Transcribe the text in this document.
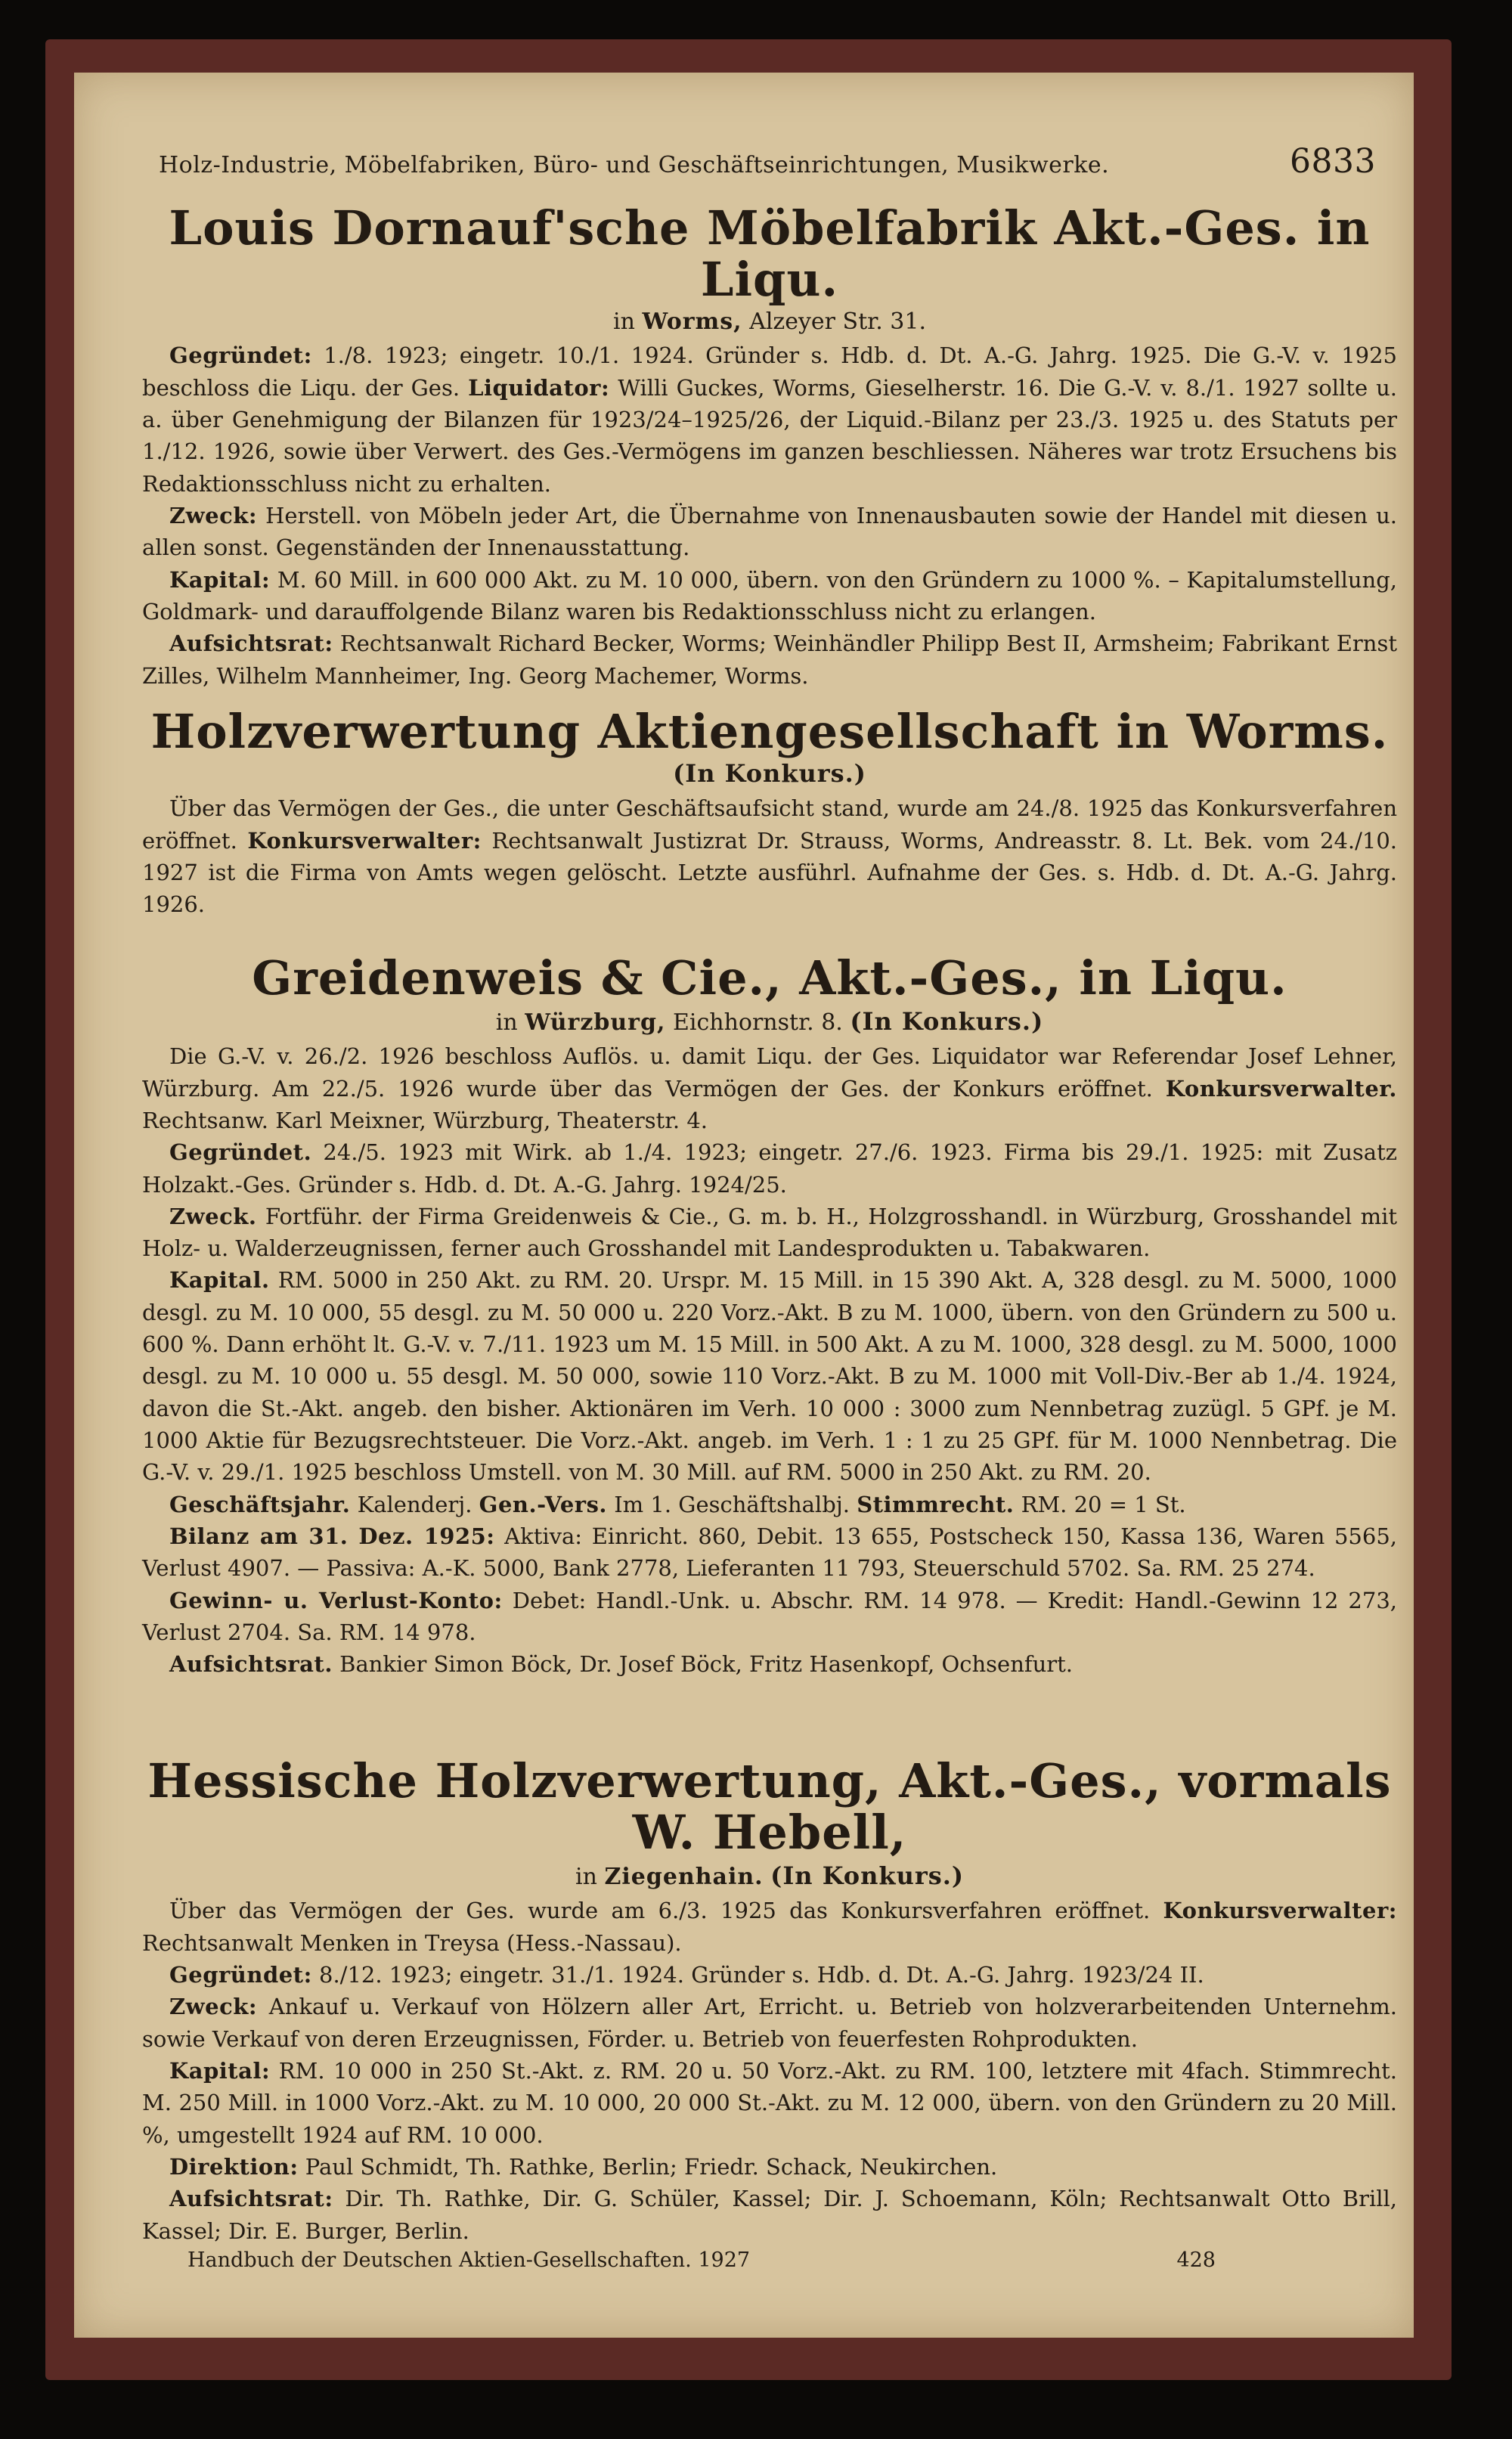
Holz-Industrie, Möbelfabriken, Büro- und Geschäftseinrichtungen, Musikwerke.	6833
Louis Dornauf'sche Möbelfabrik Akt.-Ges. in Liqu.
in Worms, Alzeyer Str. 31.

Gegründet: 1./8. 1923; eingetr. 10./1. 1924. Gründer s. Hdb. d. Dt. A.-G. Jahrg. 1925. Die G.-V. v. 1925 beschloss die Liqu. der Ges. Liquidator: Willi Guckes, Worms, Gieselherstr. 16. Die G.-V. v. 8./1. 1927 sollte u. a. über Genehmigung der Bilanzen für 1923/24–1925/26, der Liquid.-Bilanz per 23./3. 1925 u. des Statuts per 1./12. 1926, sowie über Verwert. des Ges.-Vermögens im ganzen beschliessen. Näheres war trotz Ersuchens bis Redaktionsschluss nicht zu erhalten.

Zweck: Herstell. von Möbeln jeder Art, die Übernahme von Innenausbauten sowie der Handel mit diesen u. allen sonst. Gegenständen der Innenausstattung.

Kapital: M. 60 Mill. in 600 000 Akt. zu M. 10 000, übern. von den Gründern zu 1000 %. – Kapitalumstellung, Goldmark- und darauffolgende Bilanz waren bis Redaktionsschluss nicht zu erlangen.

Aufsichtsrat: Rechtsanwalt Richard Becker, Worms; Weinhändler Philipp Best II, Armsheim; Fabrikant Ernst Zilles, Wilhelm Mannheimer, Ing. Georg Machemer, Worms.

Holzverwertung Aktiengesellschaft in Worms.
(In Konkurs.)

Über das Vermögen der Ges., die unter Geschäftsaufsicht stand, wurde am 24./8. 1925 das Konkursverfahren eröffnet. Konkursverwalter: Rechtsanwalt Justizrat Dr. Strauss, Worms, Andreasstr. 8. Lt. Bek. vom 24./10. 1927 ist die Firma von Amts wegen gelöscht. Letzte ausführl. Aufnahme der Ges. s. Hdb. d. Dt. A.-G. Jahrg. 1926.

Greidenweis & Cie., Akt.-Ges., in Liqu.
in Würzburg, Eichhornstr. 8. (In Konkurs.)

Die G.-V. v. 26./2. 1926 beschloss Auflös. u. damit Liqu. der Ges. Liquidator war Referendar Josef Lehner, Würzburg. Am 22./5. 1926 wurde über das Vermögen der Ges. der Konkurs eröffnet. Konkursverwalter. Rechtsanw. Karl Meixner, Würzburg, Theaterstr. 4.

Gegründet. 24./5. 1923 mit Wirk. ab 1./4. 1923; eingetr. 27./6. 1923. Firma bis 29./1. 1925: mit Zusatz Holzakt.-Ges. Gründer s. Hdb. d. Dt. A.-G. Jahrg. 1924/25.

Zweck. Fortführ. der Firma Greidenweis & Cie., G. m. b. H., Holzgrosshandl. in Würzburg, Grosshandel mit Holz- u. Walderzeugnissen, ferner auch Grosshandel mit Landesprodukten u. Tabakwaren.

Kapital. RM. 5000 in 250 Akt. zu RM. 20. Urspr. M. 15 Mill. in 15 390 Akt. A, 328 desgl. zu M. 5000, 1000 desgl. zu M. 10 000, 55 desgl. zu M. 50 000 u. 220 Vorz.-Akt. B zu M. 1000, übern. von den Gründern zu 500 u. 600 %. Dann erhöht lt. G.-V. v. 7./11. 1923 um M. 15 Mill. in 500 Akt. A zu M. 1000, 328 desgl. zu M. 5000, 1000 desgl. zu M. 10 000 u. 55 desgl. M. 50 000, sowie 110 Vorz.-Akt. B zu M. 1000 mit Voll-Div.-Ber ab 1./4. 1924, davon die St.-Akt. angeb. den bisher. Aktionären im Verh. 10 000 : 3000 zum Nennbetrag zuzügl. 5 GPf. je M. 1000 Aktie für Bezugsrechtsteuer. Die Vorz.-Akt. angeb. im Verh. 1 : 1 zu 25 GPf. für M. 1000 Nennbetrag. Die G.-V. v. 29./1. 1925 beschloss Umstell. von M. 30 Mill. auf RM. 5000 in 250 Akt. zu RM. 20.

Geschäftsjahr. Kalenderj. Gen.-Vers. Im 1. Geschäftshalbj. Stimmrecht. RM. 20 = 1 St.

Bilanz am 31. Dez. 1925: Aktiva: Einricht. 860, Debit. 13 655, Postscheck 150, Kassa 136, Waren 5565, Verlust 4907. — Passiva: A.-K. 5000, Bank 2778, Lieferanten 11 793, Steuerschuld 5702. Sa. RM. 25 274.

Gewinn- u. Verlust-Konto: Debet: Handl.-Unk. u. Abschr. RM. 14 978. — Kredit: Handl.-Gewinn 12 273, Verlust 2704. Sa. RM. 14 978.

Aufsichtsrat. Bankier Simon Böck, Dr. Josef Böck, Fritz Hasenkopf, Ochsenfurt.

Hessische Holzverwertung, Akt.-Ges., vormals W. Hebell,
in Ziegenhain. (In Konkurs.)

Über das Vermögen der Ges. wurde am 6./3. 1925 das Konkursverfahren eröffnet. Konkursverwalter: Rechtsanwalt Menken in Treysa (Hess.-Nassau).

Gegründet: 8./12. 1923; eingetr. 31./1. 1924. Gründer s. Hdb. d. Dt. A.-G. Jahrg. 1923/24 II.

Zweck: Ankauf u. Verkauf von Hölzern aller Art, Erricht. u. Betrieb von holzverarbeitenden Unternehm. sowie Verkauf von deren Erzeugnissen, Förder. u. Betrieb von feuerfesten Rohprodukten.

Kapital: RM. 10 000 in 250 St.-Akt. z. RM. 20 u. 50 Vorz.-Akt. zu RM. 100, letztere mit 4fach. Stimmrecht. M. 250 Mill. in 1000 Vorz.-Akt. zu M. 10 000, 20 000 St.-Akt. zu M. 12 000, übern. von den Gründern zu 20 Mill. %, umgestellt 1924 auf RM. 10 000.

Direktion: Paul Schmidt, Th. Rathke, Berlin; Friedr. Schack, Neukirchen.

Aufsichtsrat: Dir. Th. Rathke, Dir. G. Schüler, Kassel; Dir. J. Schoemann, Köln; Rechtsanwalt Otto Brill, Kassel; Dir. E. Burger, Berlin.

Handbuch der Deutschen Aktien-Gesellschaften. 1927	428
